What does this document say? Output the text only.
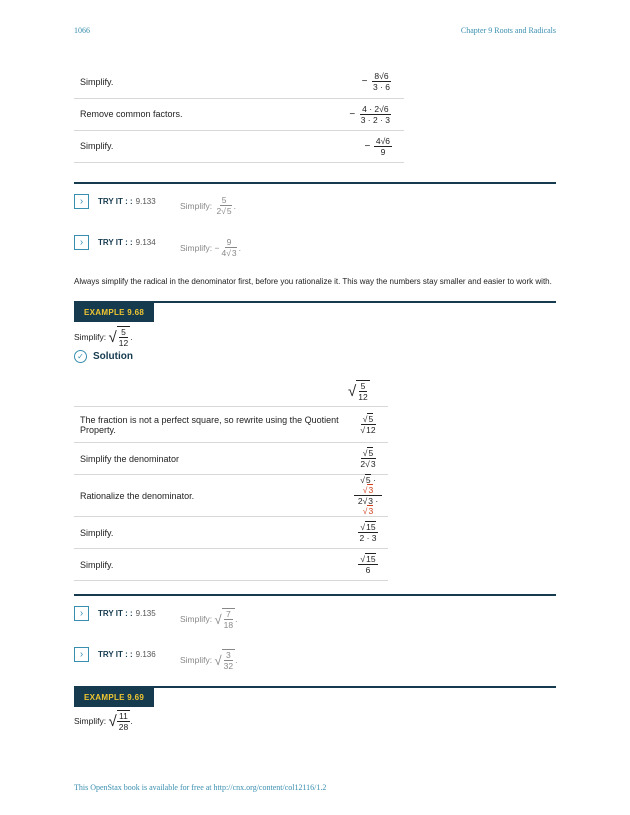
1066	Chapter 9 Roots and Radicals
Simplify.	− $\frac{8√6}{3 \cdot 6}$

Remove common factors.	− $\frac{4 \cdot 2√6}{3 \cdot 2 \cdot 3}$

Simplify.	− $\frac{4√6}{9}$
›	TRY IT : : 9.133	Simplify:
$\frac{5}{2√5}$ .
›	TRY IT : : 9.134
Simplify: − $\frac{9}{4√3}$ .
Always simplify the radical in the denominator first, before you rationalize it. This way the numbers stay smaller and easier to work with.
EXAMPLE 9.68
Simplify:
√ $\frac{5}{12}$ .
✓ Solution
√ $\frac{5}{12}$
The fraction is not a perfect square, so rewrite using the Quotient Property.	$\frac{√5}{√12}$

Simplify the denominator	$\frac{√5}{2√3}$

Rationalize the denominator.	$\frac{√5 \cdot √3}{2√3 \cdot √3}$

Simplify.	$\frac{√15}{2 \cdot 3}$

Simplify.	$\frac{√15}{6}$
›	TRY IT : : 9.135
Simplify:
√ $\frac{7}{18}$ .
›	TRY IT : : 9.136
Simplify:
√ $\frac{3}{32}$ .
EXAMPLE 9.69
Simplify:
√ $\frac{11}{28}$ .
This OpenStax book is available for free at http://cnx.org/content/col12116/1.2
